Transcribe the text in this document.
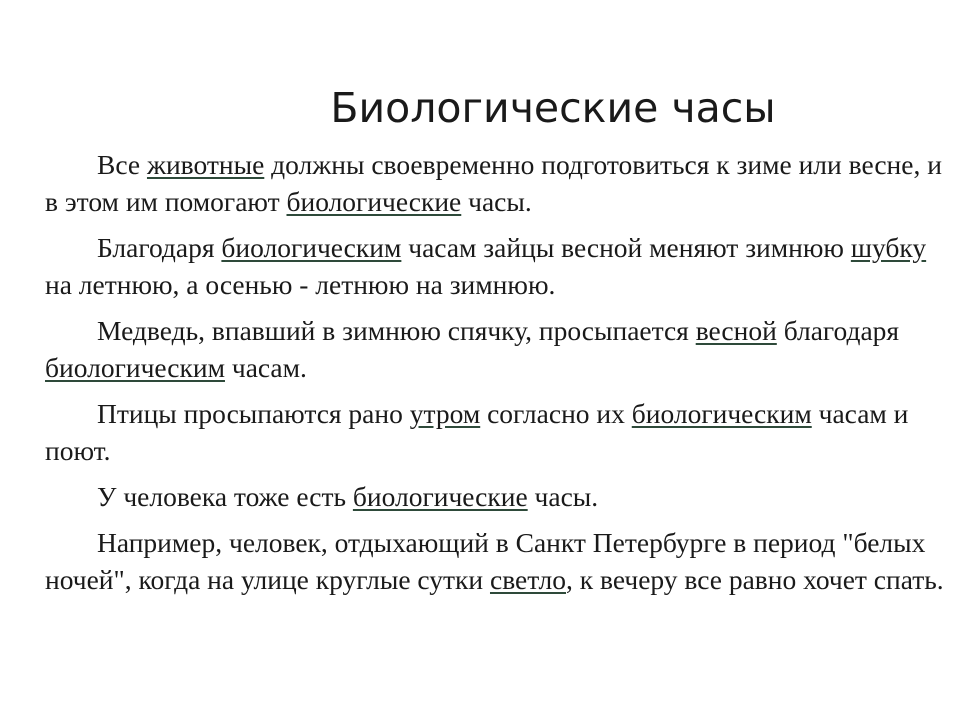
Биологические часы

Все животные должны своевременно подготовиться к зиме или весне, и в этом им помогают биологические часы.

Благодаря биологическим часам зайцы весной меняют зимнюю шубку на летнюю, а осенью - летнюю на зимнюю.

Медведь, впавший в зимнюю спячку, просыпается весной благодаря биологическим часам.

Птицы просыпаются рано утром согласно их биологическим часам и поют.

У человека тоже есть биологические часы.

Например, человек, отдыхающий в Санкт Петербурге в период "белых ночей", когда на улице круглые сутки светло, к вечеру все равно хочет спать.
